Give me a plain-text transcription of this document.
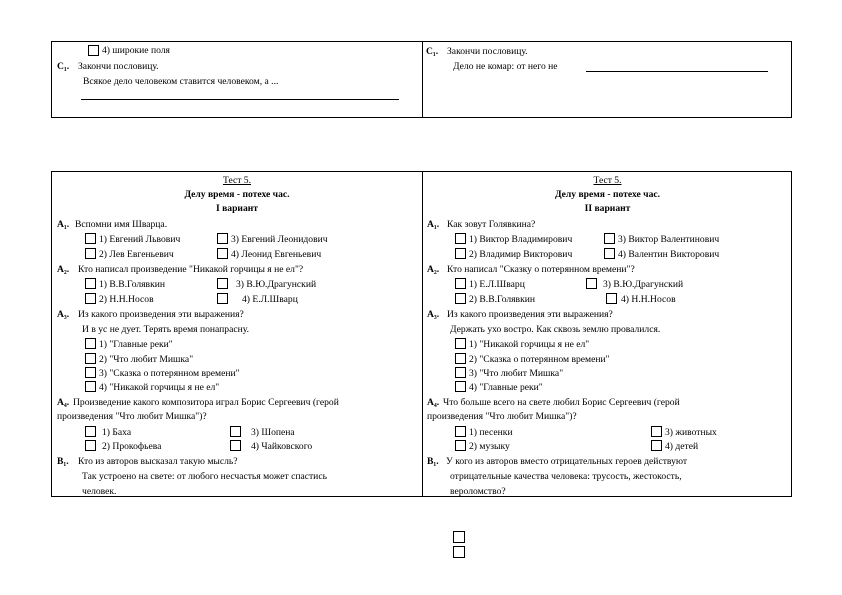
4) широкие поля
С₁. Закончи пословицу.
Всякое дело человеком ставится человеком, а ...
С₁. Закончи пословицу.
Дело не комар: от него не
Тест 5.
Делу время - потехе час.
I вариант
А₁. Вспомни имя Шварца.
1) Евгений Львович	3) Евгений Леонидович
2) Лев Евгеньевич	4) Леонид Евгеньевич
А₂. Кто написал произведение "Никакой горчицы я не ел"?
1) В.В.Голявкин	3) В.Ю.Драгунский
2) Н.Н.Носов	4) Е.Л.Шварц
А₃. Из какого произведения эти выражения?
И в ус не дует. Терять время понапрасну.
1) "Главные реки"
2) "Что любит Мишка"
3) "Сказка о потерянном времени"
4) "Никакой горчицы я не ел"
А₄. Произведение какого композитора играл Борис Сергеевич (герой
произведения "Что любит Мишка")?
1) Баха	3) Шопена
2) Прокофьева	4) Чайковского
В₁. Кто из авторов высказал такую мысль?
Так устроено на свете: от любого несчастья может спастись
человек.
Тест 5.
Делу время - потехе час.
II вариант
А₁. Как зовут Голявкина?
1) Виктор Владимирович	3) Виктор Валентинович
2) Владимир Викторович	4) Валентин Викторович
А₂. Кто написал "Сказку о потерянном времени"?
1) Е.Л.Шварц	3) В.Ю.Драгунский
2) В.В.Голявкин	4) Н.Н.Носов
А₃. Из какого произведения эти выражения?
Держать ухо востро. Как сквозь землю провалился.
1) "Никакой горчицы я не ел"
2) "Сказка о потерянном времени"
3) "Что любит Мишка"
4) "Главные реки"
А₄. Что больше всего на свете любил Борис Сергеевич (герой
произведения "Что любит Мишка")?
1) песенки	3) животных
2) музыку	4) детей
В₁. У кого из авторов вместо отрицательных героев действуют
отрицательные качества человека: трусость, жестокость,
вероломство?
